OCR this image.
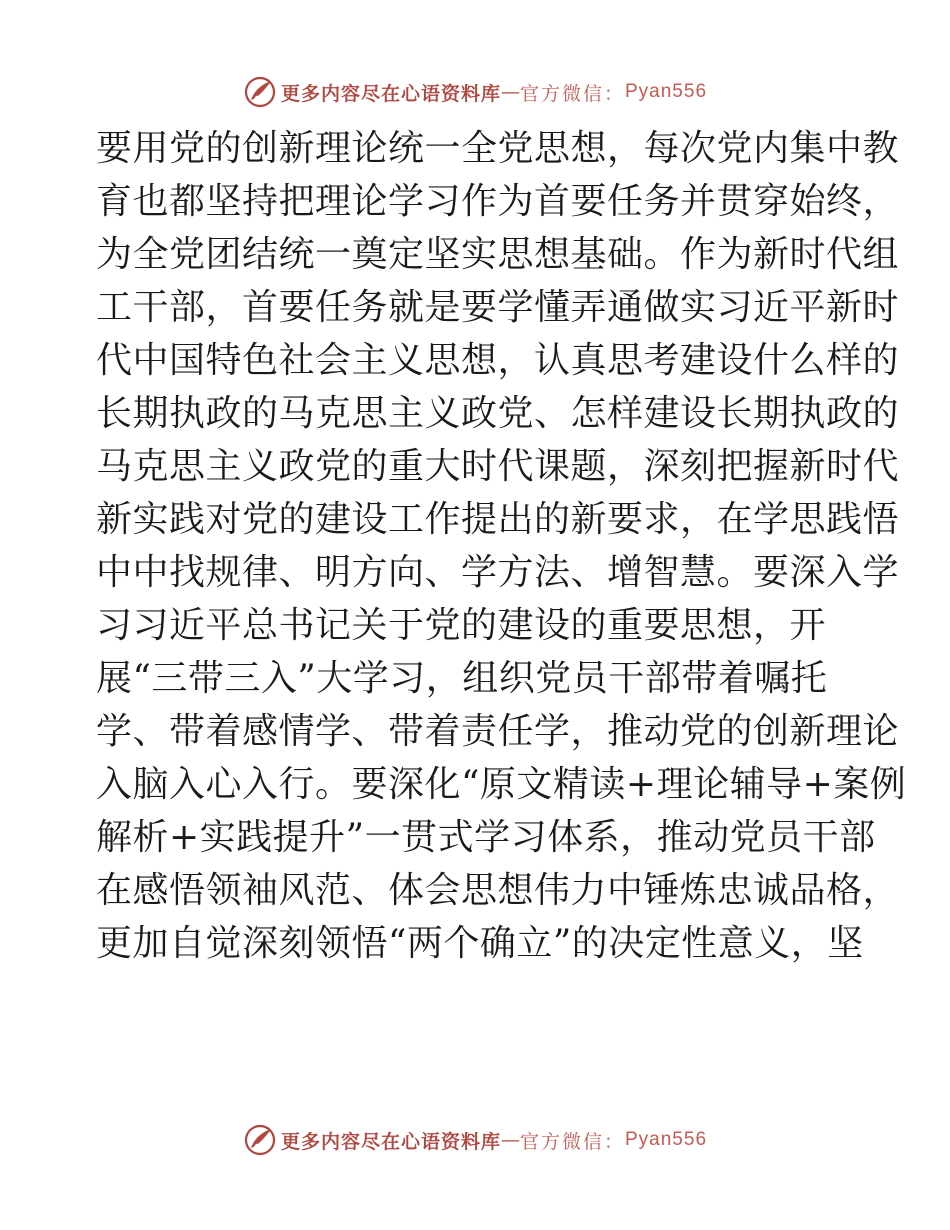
更多内容尽在心语资料库 — 官方微信： Pyan556
要用党的创新理论统一全党思想，每次党内集中教
育也都坚持把理论学习作为首要任务并贯穿始终，
为全党团结统一奠定坚实思想基础。作为新时代组
工干部，首要任务就是要学懂弄通做实习近平新时
代中国特色社会主义思想，认真思考建设什么样的
长期执政的马克思主义政党、怎样建设长期执政的
马克思主义政党的重大时代课题，深刻把握新时代
新实践对党的建设工作提出的新要求，在学思践悟
中中找规律、明方向、学方法、增智慧。要深入学
习习近平总书记关于党的建设的重要思想，开
展“三带三入”大学习，组织党员干部带着嘱托
学、带着感情学、带着责任学，推动党的创新理论
入脑入心入行。要深化“原文精读+理论辅导+案例
解析+实践提升”一贯式学习体系，推动党员干部
在感悟领袖风范、体会思想伟力中锤炼忠诚品格，
更加自觉深刻领悟“两个确立”的决定性意义，坚
更多内容尽在心语资料库 — 官方微信： Pyan556
